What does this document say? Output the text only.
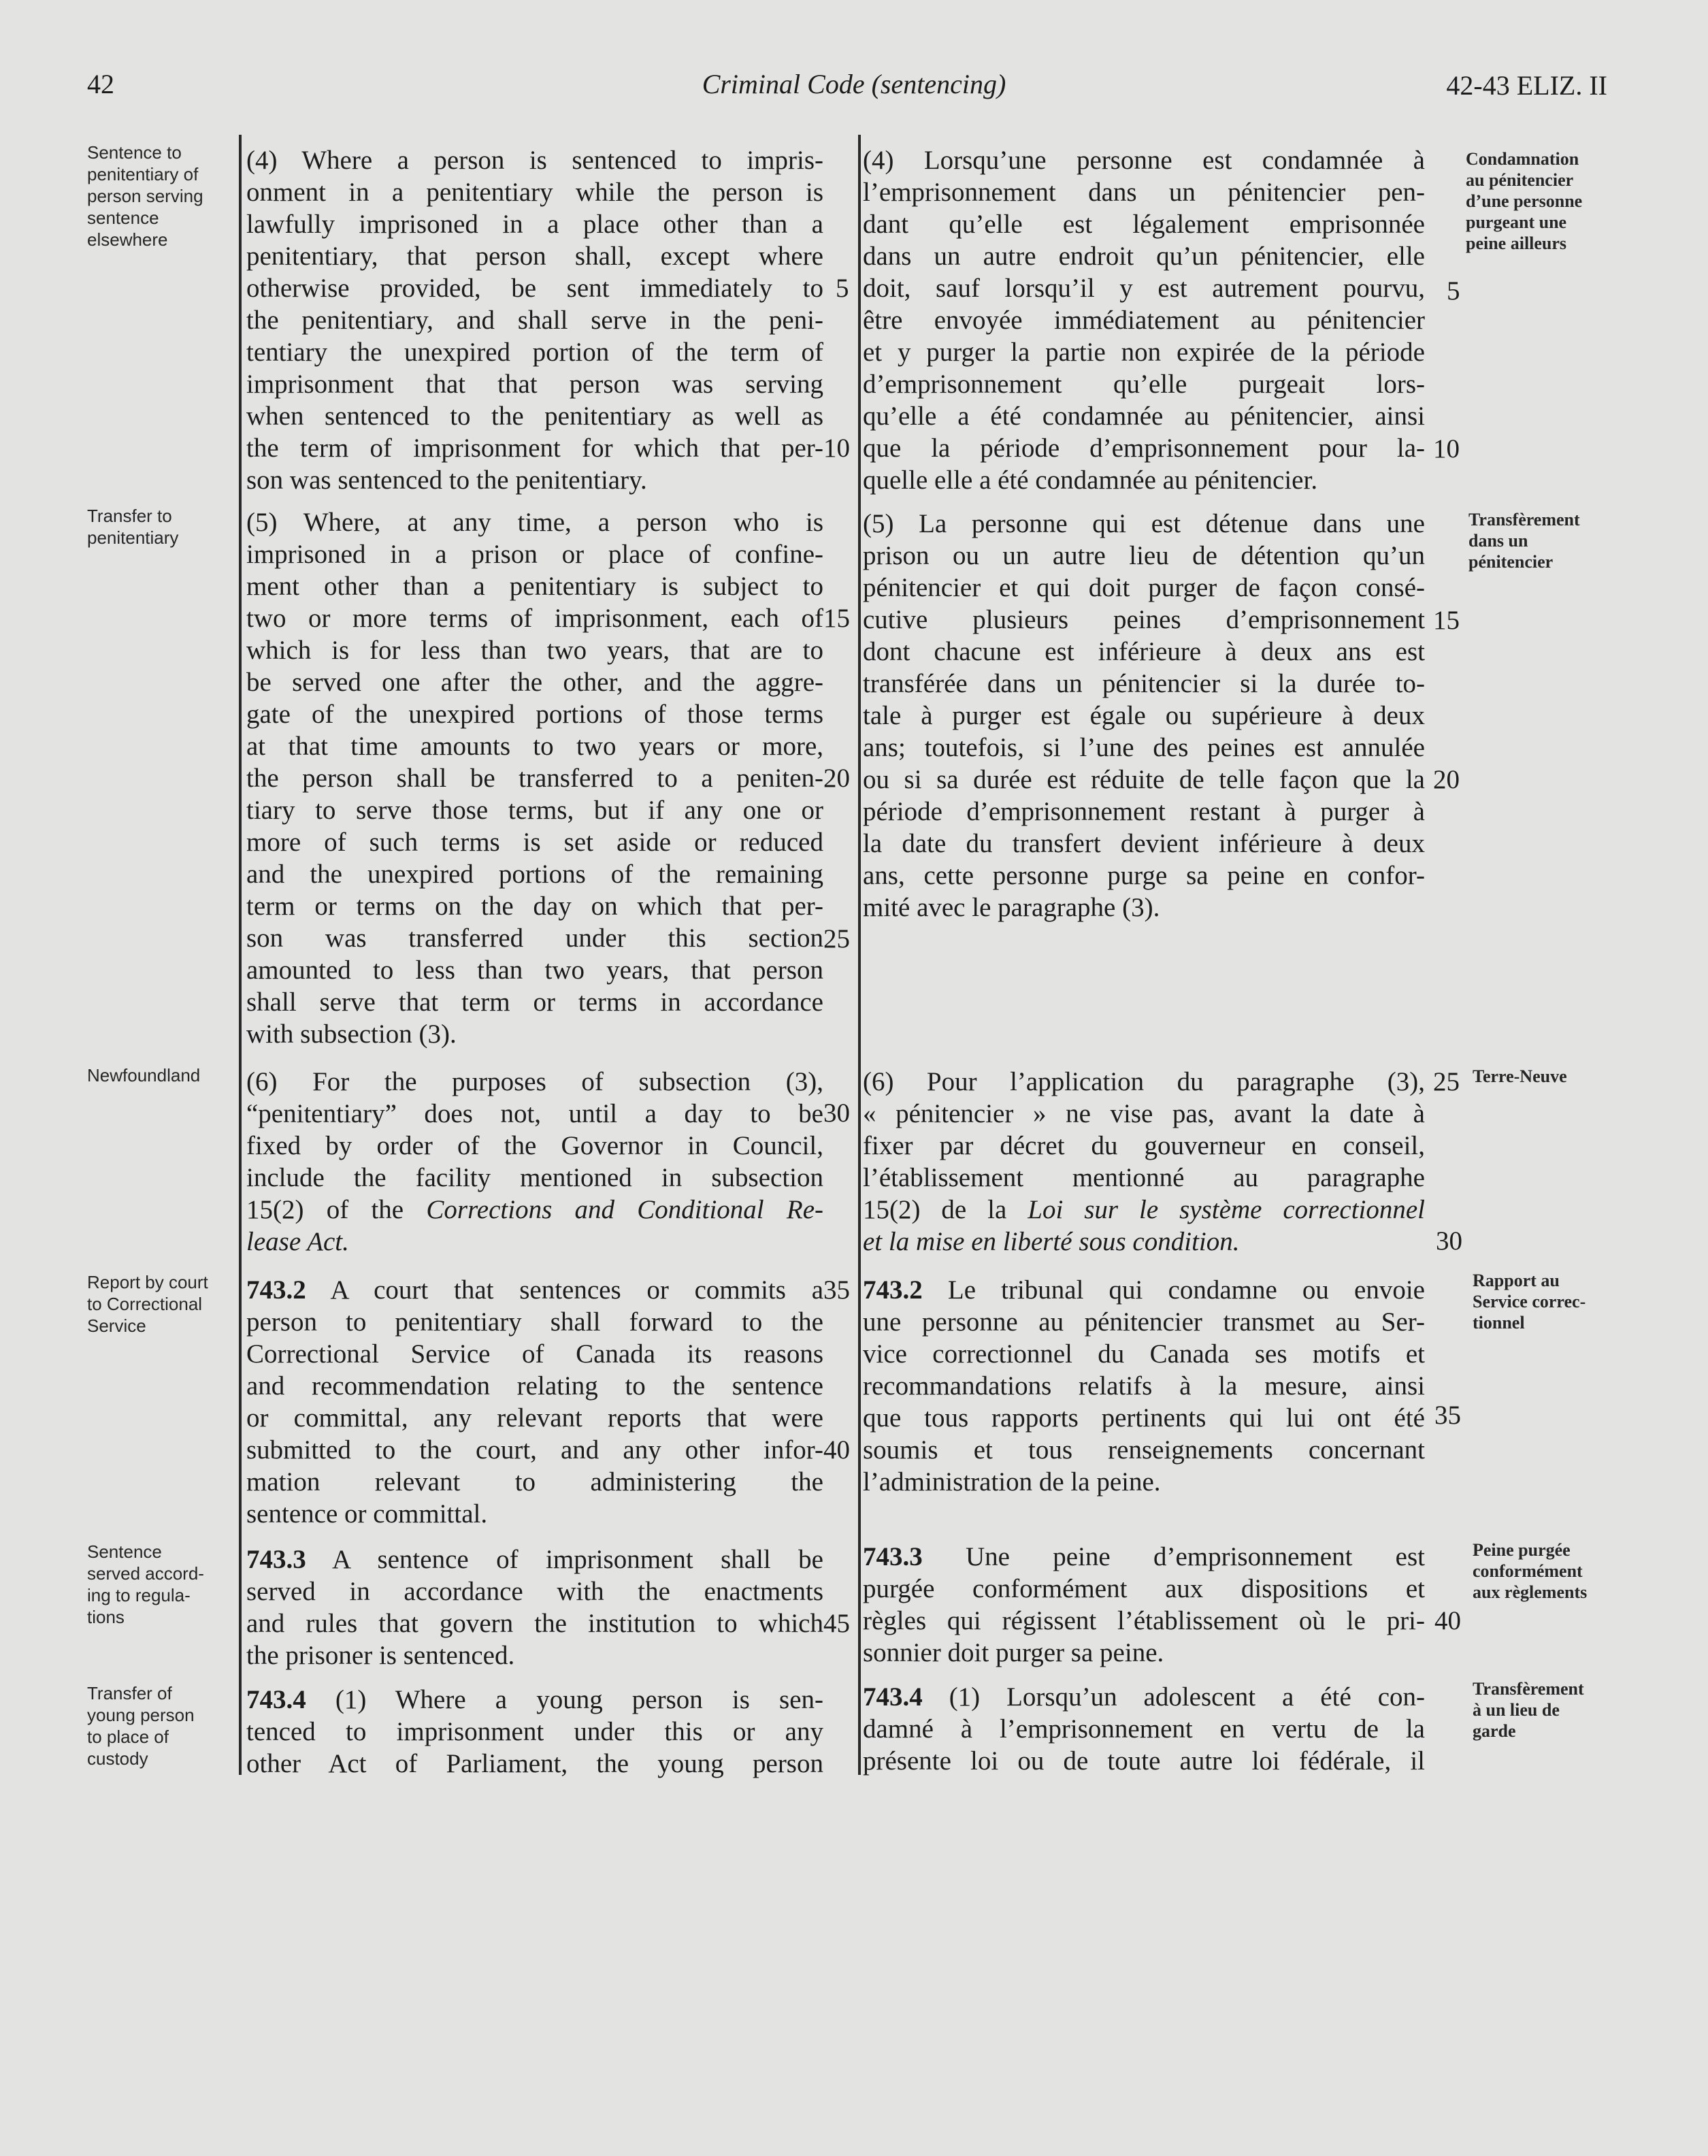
42	Criminal Code (sentencing)	42-43 ELIZ. II
Sentence to
penitentiary of
person serving
sentence
elsewhere
Transfer to
penitentiary
Newfoundland
Report by court
to Correctional
Service
Sentence
served accord-
ing to regula-
tions
Transfer of
young person
to place of
custody
Condamnation
au pénitencier
d’une personne
purgeant une
peine ailleurs
Transfèrement
dans un
pénitencier
Terre-Neuve
Rapport au
Service correc-
tionnel
Peine purgée
conformément
aux règlements
Transfèrement
à un lieu de
garde
(4) Where a person is sentenced to impris-
onment in a penitentiary while the person is
lawfully imprisoned in a place other than a
penitentiary, that person shall, except where
otherwise provided, be sent immediately to
the penitentiary, and shall serve in the peni-
tentiary the unexpired portion of the term of
imprisonment that that person was serving
when sentenced to the penitentiary as well as
the term of imprisonment for which that per-
son was sentenced to the penitentiary.
(5) Where, at any time, a person who is
imprisoned in a prison or place of confine-
ment other than a penitentiary is subject to
two or more terms of imprisonment, each of
which is for less than two years, that are to
be served one after the other, and the aggre-
gate of the unexpired portions of those terms
at that time amounts to two years or more,
the person shall be transferred to a peniten-
tiary to serve those terms, but if any one or
more of such terms is set aside or reduced
and the unexpired portions of the remaining
term or terms on the day on which that per-
son was transferred under this section
amounted to less than two years, that person
shall serve that term or terms in accordance
with subsection (3).
(6) For the purposes of subsection (3),
“penitentiary” does not, until a day to be
fixed by order of the Governor in Council,
include the facility mentioned in subsection
15(2) of the Corrections and Conditional Re-
lease Act.
743.2 A court that sentences or commits a
person to penitentiary shall forward to the
Correctional Service of Canada its reasons
and recommendation relating to the sentence
or committal, any relevant reports that were
submitted to the court, and any other infor-
mation relevant to administering the
sentence or committal.
743.3 A sentence of imprisonment shall be
served in accordance with the enactments
and rules that govern the institution to which
the prisoner is sentenced.
743.4 (1) Where a young person is sen-
tenced to imprisonment under this or any
other Act of Parliament, the young person
5
10
15
20
25
30
35
40
45
(4) Lorsqu’une personne est condamnée à
l’emprisonnement dans un pénitencier pen-
dant qu’elle est légalement emprisonnée
dans un autre endroit qu’un pénitencier, elle
doit, sauf lorsqu’il y est autrement pourvu,
être envoyée immédiatement au pénitencier
et y purger la partie non expirée de la période
d’emprisonnement qu’elle purgeait lors-
qu’elle a été condamnée au pénitencier, ainsi
que la période d’emprisonnement pour la-
quelle elle a été condamnée au pénitencier.
(5) La personne qui est détenue dans une
prison ou un autre lieu de détention qu’un
pénitencier et qui doit purger de façon consé-
cutive plusieurs peines d’emprisonnement
dont chacune est inférieure à deux ans est
transférée dans un pénitencier si la durée to-
tale à purger est égale ou supérieure à deux
ans; toutefois, si l’une des peines est annulée
ou si sa durée est réduite de telle façon que la
période d’emprisonnement restant à purger à
la date du transfert devient inférieure à deux
ans, cette personne purge sa peine en confor-
mité avec le paragraphe (3).
(6) Pour l’application du paragraphe (3),
« pénitencier » ne vise pas, avant la date à
fixer par décret du gouverneur en conseil,
l’établissement mentionné au paragraphe
15(2) de la Loi sur le système correctionnel
et la mise en liberté sous condition.
743.2 Le tribunal qui condamne ou envoie
une personne au pénitencier transmet au Ser-
vice correctionnel du Canada ses motifs et
recommandations relatifs à la mesure, ainsi
que tous rapports pertinents qui lui ont été
soumis et tous renseignements concernant
l’administration de la peine.
743.3 Une peine d’emprisonnement est
purgée conformément aux dispositions et
règles qui régissent l’établissement où le pri-
sonnier doit purger sa peine.
743.4 (1) Lorsqu’un adolescent a été con-
damné à l’emprisonnement en vertu de la
présente loi ou de toute autre loi fédérale, il
5
10
15
20
25
30
35
40
